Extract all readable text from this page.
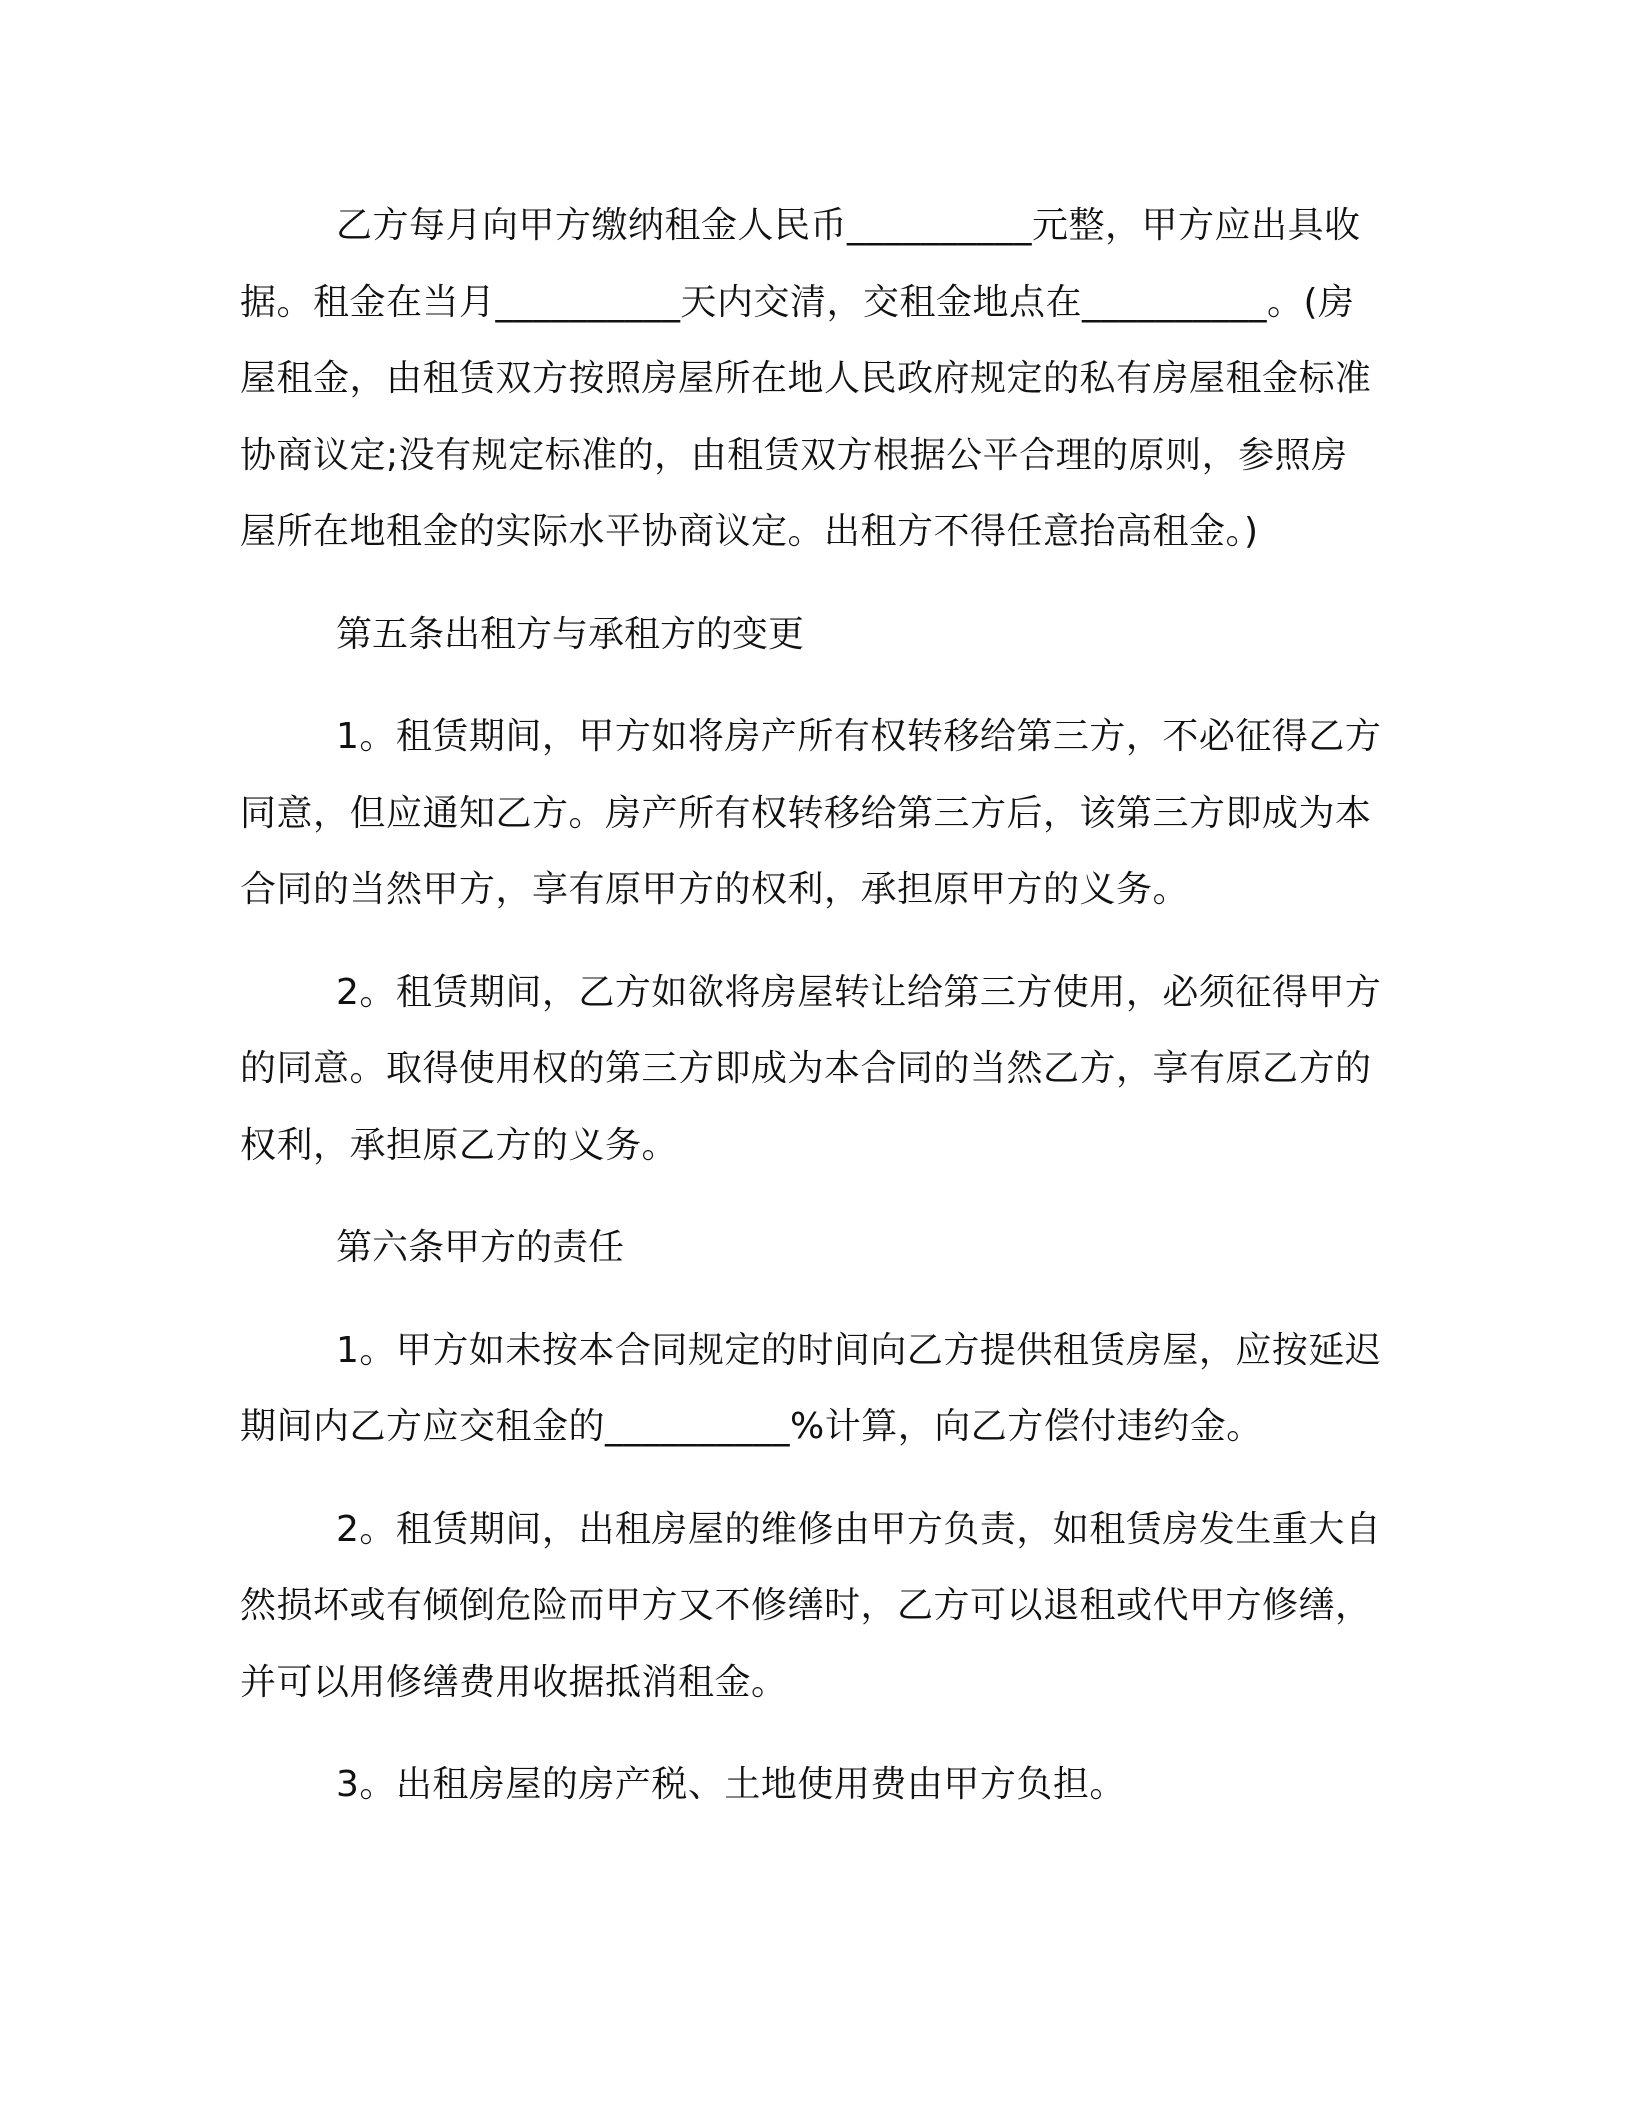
乙方每月向甲方缴纳租金人民币__________元整，甲方应出具收据。租金在当月__________天内交清，交租金地点在__________。(房屋租金，由租赁双方按照房屋所在地人民政府规定的私有房屋租金标准协商议定;没有规定标准的，由租赁双方根据公平合理的原则，参照房屋所在地租金的实际水平协商议定。出租方不得任意抬高租金。)

第五条出租方与承租方的变更

1。租赁期间，甲方如将房产所有权转移给第三方，不必征得乙方同意，但应通知乙方。房产所有权转移给第三方后，该第三方即成为本合同的当然甲方，享有原甲方的权利，承担原甲方的义务。

2。租赁期间，乙方如欲将房屋转让给第三方使用，必须征得甲方的同意。取得使用权的第三方即成为本合同的当然乙方，享有原乙方的权利，承担原乙方的义务。

第六条甲方的责任

1。甲方如未按本合同规定的时间向乙方提供租赁房屋，应按延迟期间内乙方应交租金的__________%计算，向乙方偿付违约金。

2。租赁期间，出租房屋的维修由甲方负责，如租赁房发生重大自然损坏或有倾倒危险而甲方又不修缮时，乙方可以退租或代甲方修缮，并可以用修缮费用收据抵消租金。

3。出租房屋的房产税、土地使用费由甲方负担。
